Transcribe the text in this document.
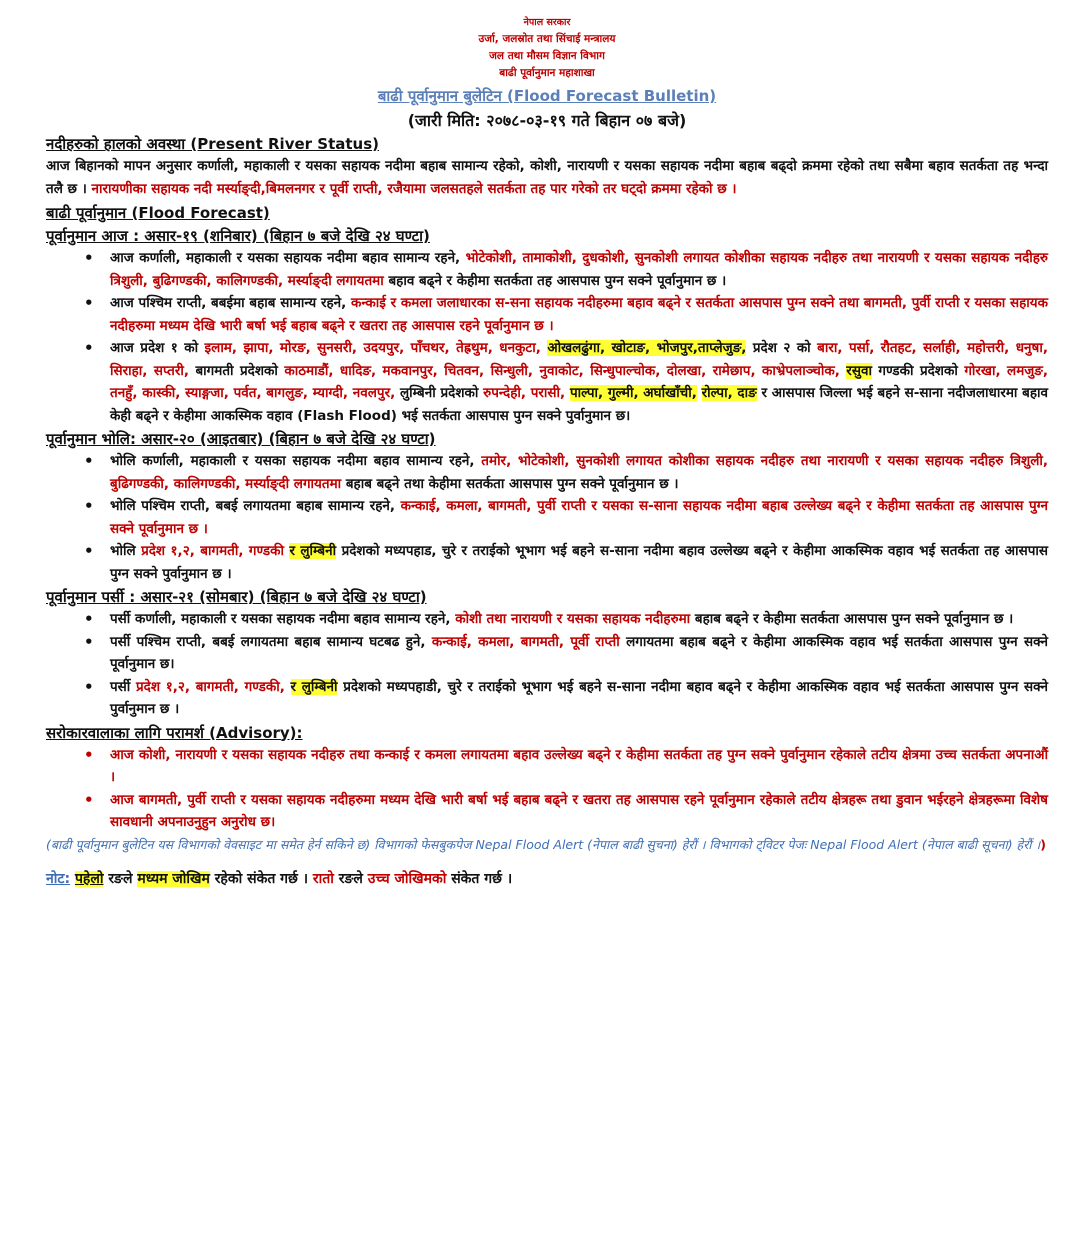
नेपाल सरकार
उर्जा, जलस्रोत तथा सिंचाई मन्त्रालय
जल तथा मौसम विज्ञान विभाग
बाढी पूर्वानुमान महाशाखा
बाढी पूर्वानुमान बुलेटिन (Flood Forecast Bulletin)
(जारी मिति: २०७८-०३-१९ गते बिहान ०७ बजे)
नदीहरुको हालको अवस्था (Present River Status)
आज बिहानको मापन अनुसार कर्णाली, महाकाली र यसका सहायक नदीमा बहाब सामान्य रहेको, कोशी, नारायणी र यसका सहायक नदीमा बहाब बढ्दो क्रममा रहेको तथा सबैमा बहाव सतर्कता तह भन्दा तलै छ । नारायणीका सहायक नदी मर्स्याङ्दी,बिमलनगर र पूर्वी राप्ती, रजैयामा जलसतहले सतर्कता तह पार गरेको तर घट्दो क्रममा रहेको छ ।
बाढी पूर्वानुमान (Flood Forecast)
पूर्वानुमान आज : असार-१९ (शनिबार) (बिहान ७ बजे देखि २४ घण्टा)
• आज कर्णाली, महाकाली र यसका सहायक नदीमा बहाव सामान्य रहने, भोटेकोशी, तामाकोशी, दुधकोशी, सुनकोशी लगायत कोशीका सहायक नदीहरु तथा नारायणी र यसका सहायक नदीहरु त्रिशुली, बुढिगण्डकी, कालिगण्डकी, मर्स्याङ्दी लगायतमा बहाव बढ्ने र केहीमा सतर्कता तह आसपास पुग्न सक्ने पूर्वानुमान छ ।
• आज पश्चिम राप्ती, बबईमा बहाब सामान्य रहने, कन्काई र कमला जलाधारका स-सना सहायक नदीहरुमा बहाव बढ्ने र सतर्कता आसपास पुग्न सक्ने तथा बागमती, पुर्वी राप्ती र यसका सहायक नदीहरुमा मध्यम देखि भारी बर्षा भई बहाब बढ्ने र खतरा तह आसपास रहने पूर्वानुमान छ ।
• आज प्रदेश १ को इलाम, झापा, मोरङ, सुनसरी, उदयपुर, पाँचथर, तेह्रथुम, धनकुटा, ओखलढुंगा, खोटाङ, भोजपुर,ताप्लेजुङ, प्रदेश २ को बारा, पर्सा, रौतहट, सर्लाही, महोत्तरी, धनुषा, सिराहा, सप्तरी, बागमती प्रदेशको काठमाडौं, धादिङ, मकवानपुर, चितवन, सिन्धुली, नुवाकोट, सिन्धुपाल्चोक, दोलखा, रामेछाप, काभ्रेपलाञ्चोक, रसुवा गण्डकी प्रदेशको गोरखा, लमजुङ, तनहुँ, कास्की, स्याङ्गजा, पर्वत, बागलुङ, म्याग्दी, नवलपुर, लुम्बिनी प्रदेशको रुपन्देही, परासी, पाल्पा, गुल्मी, अर्घाखाँची, रोल्पा, दाङ र आसपास जिल्ला भई बहने स-साना नदीजलाधारमा बहाव केही बढ्ने र केहीमा आकस्मिक वहाव (Flash Flood) भई सतर्कता आसपास पुग्न सक्ने पुर्वानुमान छ।
पूर्वानुमान भोलि: असार-२० (आइतबार) (बिहान ७ बजे देखि २४ घण्टा)
• भोलि कर्णाली, महाकाली र यसका सहायक नदीमा बहाव सामान्य रहने, तमोर, भोटेकोशी, सुनकोशी लगायत कोशीका सहायक नदीहरु तथा नारायणी र यसका सहायक नदीहरु त्रिशुली, बुढिगण्डकी, कालिगण्डकी, मर्स्याङ्दी लगायतमा बहाब बढ्ने तथा केहीमा सतर्कता आसपास पुग्न सक्ने पूर्वानुमान छ ।
• भोलि पश्चिम राप्ती, बबई लगायतमा बहाब सामान्य रहने, कन्काई, कमला, बागमती, पुर्वी राप्ती र यसका स-साना सहायक नदीमा बहाब उल्लेख्य बढ्ने र केहीमा सतर्कता तह आसपास पुग्न सक्ने पूर्वानुमान छ ।
• भोलि प्रदेश १,२, बागमती, गण्डकी र लुम्बिनी प्रदेशको मध्यपहाड, चुरे र तराईको भूभाग भई बहने स-साना नदीमा बहाव उल्लेख्य बढ्ने र केहीमा आकस्मिक वहाव भई सतर्कता तह आसपास पुग्न सक्ने पुर्वानुमान छ ।
पूर्वानुमान पर्सी : असार-२१ (सोमबार) (बिहान ७ बजे देखि २४ घण्टा)
• पर्सी कर्णाली, महाकाली र यसका सहायक नदीमा बहाव सामान्य रहने, कोशी तथा नारायणी र यसका सहायक नदीहरुमा बहाब बढ्ने र केहीमा सतर्कता आसपास पुग्न सक्ने पूर्वानुमान छ ।
• पर्सी पश्चिम राप्ती, बबई लगायतमा बहाब सामान्य घटबढ हुने, कन्काई, कमला, बागमती, पूर्वी राप्ती लगायतमा बहाब बढ्ने र केहीमा आकस्मिक वहाव भई सतर्कता आसपास पुग्न सक्ने पूर्वानुमान छ।
• पर्सी प्रदेश १,२, बागमती, गण्डकी, र लुम्बिनी प्रदेशको मध्यपहाडी, चुरे र तराईको भूभाग भई बहने स-साना नदीमा बहाव बढ्ने र केहीमा आकस्मिक वहाव भई सतर्कता आसपास पुग्न सक्ने पुर्वानुमान छ ।
सरोकारवालाका लागि परामर्श (Advisory):
• आज कोशी, नारायणी र यसका सहायक नदीहरु तथा कन्काई र कमला लगायतमा बहाव उल्लेख्य बढ्ने र केहीमा सतर्कता तह पुग्न सक्ने पुर्वानुमान रहेकाले तटीय क्षेत्रमा उच्च सतर्कता अपनाऔं ।
• आज बागमती, पुर्वी राप्ती र यसका सहायक नदीहरुमा मध्यम देखि भारी बर्षा भई बहाब बढ्ने र खतरा तह आसपास रहने पूर्वानुमान रहेकाले तटीय क्षेत्रहरू तथा डुवान भईरहने क्षेत्रहरूमा विशेष सावधानी अपनाउनुहुन अनुरोध छ।
(बाढी पूर्वानुमान बुलेटिन यस विभागको वेवसाइट मा समेत हेर्न सकिने छ) विभागको फेसबुकपेज Nepal Flood Alert (नेपाल बाढी सुचना) हेरौं । विभागको ट्विटर पेजः Nepal Flood Alert (नेपाल बाढी सूचना) हेरौं ।)
नोट: पहेलो रङले मध्यम जोखिम रहेको संकेत गर्छ । रातो रङले उच्च जोखिमको संकेत गर्छ ।
